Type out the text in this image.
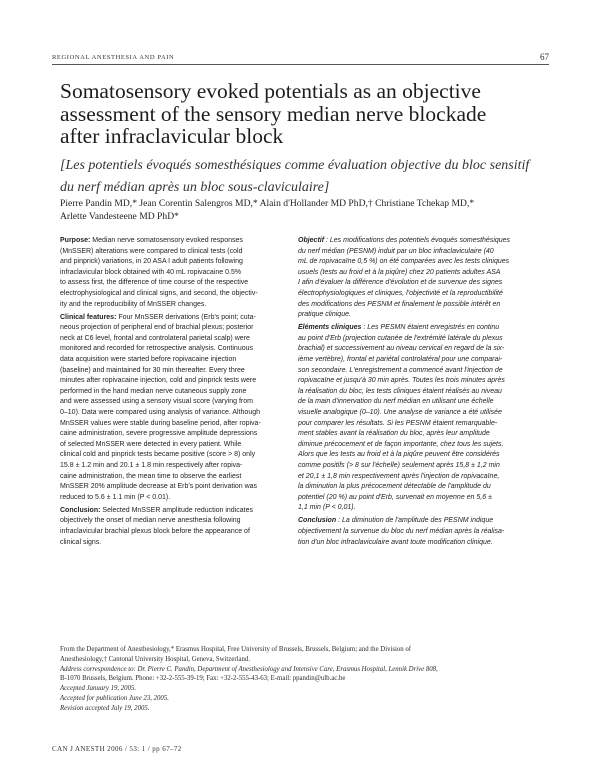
REGIONAL ANESTHESIA AND PAIN	67
Somatosensory evoked potentials as an objective
assessment of the sensory median nerve blockade
after infraclavicular block
[Les potentiels évoqués somesthésiques comme évaluation objective du bloc sensitif
du nerf médian après un bloc sous-claviculaire]
Pierre Pandin MD,* Jean Corentin Salengros MD,* Alain d'Hollander MD PhD,† Christiane Tchekap MD,*
Arlette Vandesteene MD PhD*

Purpose: Median nerve somatosensory evoked responses
(MnSSER) alterations were compared to clinical tests (cold
and pinprick) variations, in 20 ASA I adult patients following
infraclavicular block obtained with 40 mL ropivacaine 0.5%
to assess first, the difference of time course of the respective
electrophysiological and clinical signs, and second, the objectiv-
ity and the reproducibility of MnSSER changes.

Clinical features: Four MnSSER derivations (Erb's point; cuta-
neous projection of peripheral end of brachial plexus; posterior
neck at C6 level, frontal and controlateral parietal scalp) were
monitored and recorded for retrospective analysis. Continuous
data acquisition were started before ropivacaine injection
(baseline) and maintained for 30 min thereafter. Every three
minutes after ropivacaine injection, cold and pinprick tests were
performed in the hand median nerve cutaneous supply zone
and were assessed using a sensory visual score (varying from
0–10). Data were compared using analysis of variance. Although
MnSSER values were stable during baseline period, after ropiva-
caine administration, severe progressive amplitude depressions
of selected MnSSER were detected in every patient. While
clinical cold and pinprick tests became positive (score > 8) only
15.8 ± 1.2 min and 20.1 ± 1.8 min respectively after ropiva-
caine administration, the mean time to observe the earliest
MnSSER 20% amplitude decrease at Erb's point derivation was
reduced to 5.6 ± 1.1 min (P < 0.01).

Conclusion: Selected MnSSER amplitude reduction indicates
objectively the onset of median nerve anesthesia following
infraclavicular brachial plexus block before the appearance of
clinical signs.

Objectif : Les modifications des potentiels évoqués somesthésiques
du nerf médian (PESNM) induit par un bloc infraclaviculaire (40
mL de ropivacaïne 0,5 %) on été comparées avec les tests cliniques
usuels (tests au froid et à la piqûre) chez 20 patients adultes ASA
I afin d'évaluer la différence d'évolution et de survenue des signes
électrophysiologiques et cliniques, l'objectivité et la reproductibilité
des modifications des PESNM et finalement le possible intérêt en
pratique clinique.

Éléments cliniques : Les PESMN étaient enregistrés en continu
au point d'Erb (projection cutanée de l'extrémité latérale du plexus
brachial) et successivement au niveau cervical en regard de la six-
ième vertèbre), frontal et pariétal controlatéral pour une comparai-
son secondaire. L'enregistrement a commencé avant l'injection de
ropivacaïne et jusqu'à 30 min après. Toutes les trois minutes après
la réalisation du bloc, les tests cliniques étaient réalisés au niveau
de la main d'innervation du nerf médian en utilisant une échelle
visuelle analogique (0–10). Une analyse de variance a été utilisée
pour comparer les résultats. Si les PESNM étaient remarquable-
ment stables avant la réalisation du bloc, après leur amplitude
diminue précocement et de façon importante, chez tous les sujets.
Alors que les tests au froid et à la piqûre peuvent être considérés
comme positifs (> 8 sur l'échelle) seulement après 15,8 ± 1,2 min
et 20,1 ± 1,8 min respectivement après l'injection de ropivacaïne,
la diminution la plus précocement détectable de l'amplitude du
potentiel (20 %) au point d'Erb, survenait en moyenne en 5,6 ±
1,1 min (P < 0,01).

Conclusion : La diminution de l'amplitude des PESNM indique
objectivement la survenue du bloc du nerf médian après la réalisa-
tion d'un bloc infraclaviculaire avant toute modification clinique.

From the Department of Anesthesiology,* Erasmus Hospital, Free University of Brussels, Brussels, Belgium; and the Division of
Anesthesiology,† Cantonal University Hospital, Geneva, Switzerland.
Address correspondence to: Dr. Pierre C. Pandin, Department of Anesthesiology and Intensive Care, Erasmus Hospital, Lennik Drive 808,
B-1070 Brussels, Belgium. Phone: +32-2-555-39-19; Fax: +32-2-555-43-63; E-mail: ppandin@ulb.ac.be
Accepted January 19, 2005.
Accepted for publication June 23, 2005.
Revision accepted July 19, 2005.
CAN J ANESTH 2006 / 53: 1 / pp 67–72
